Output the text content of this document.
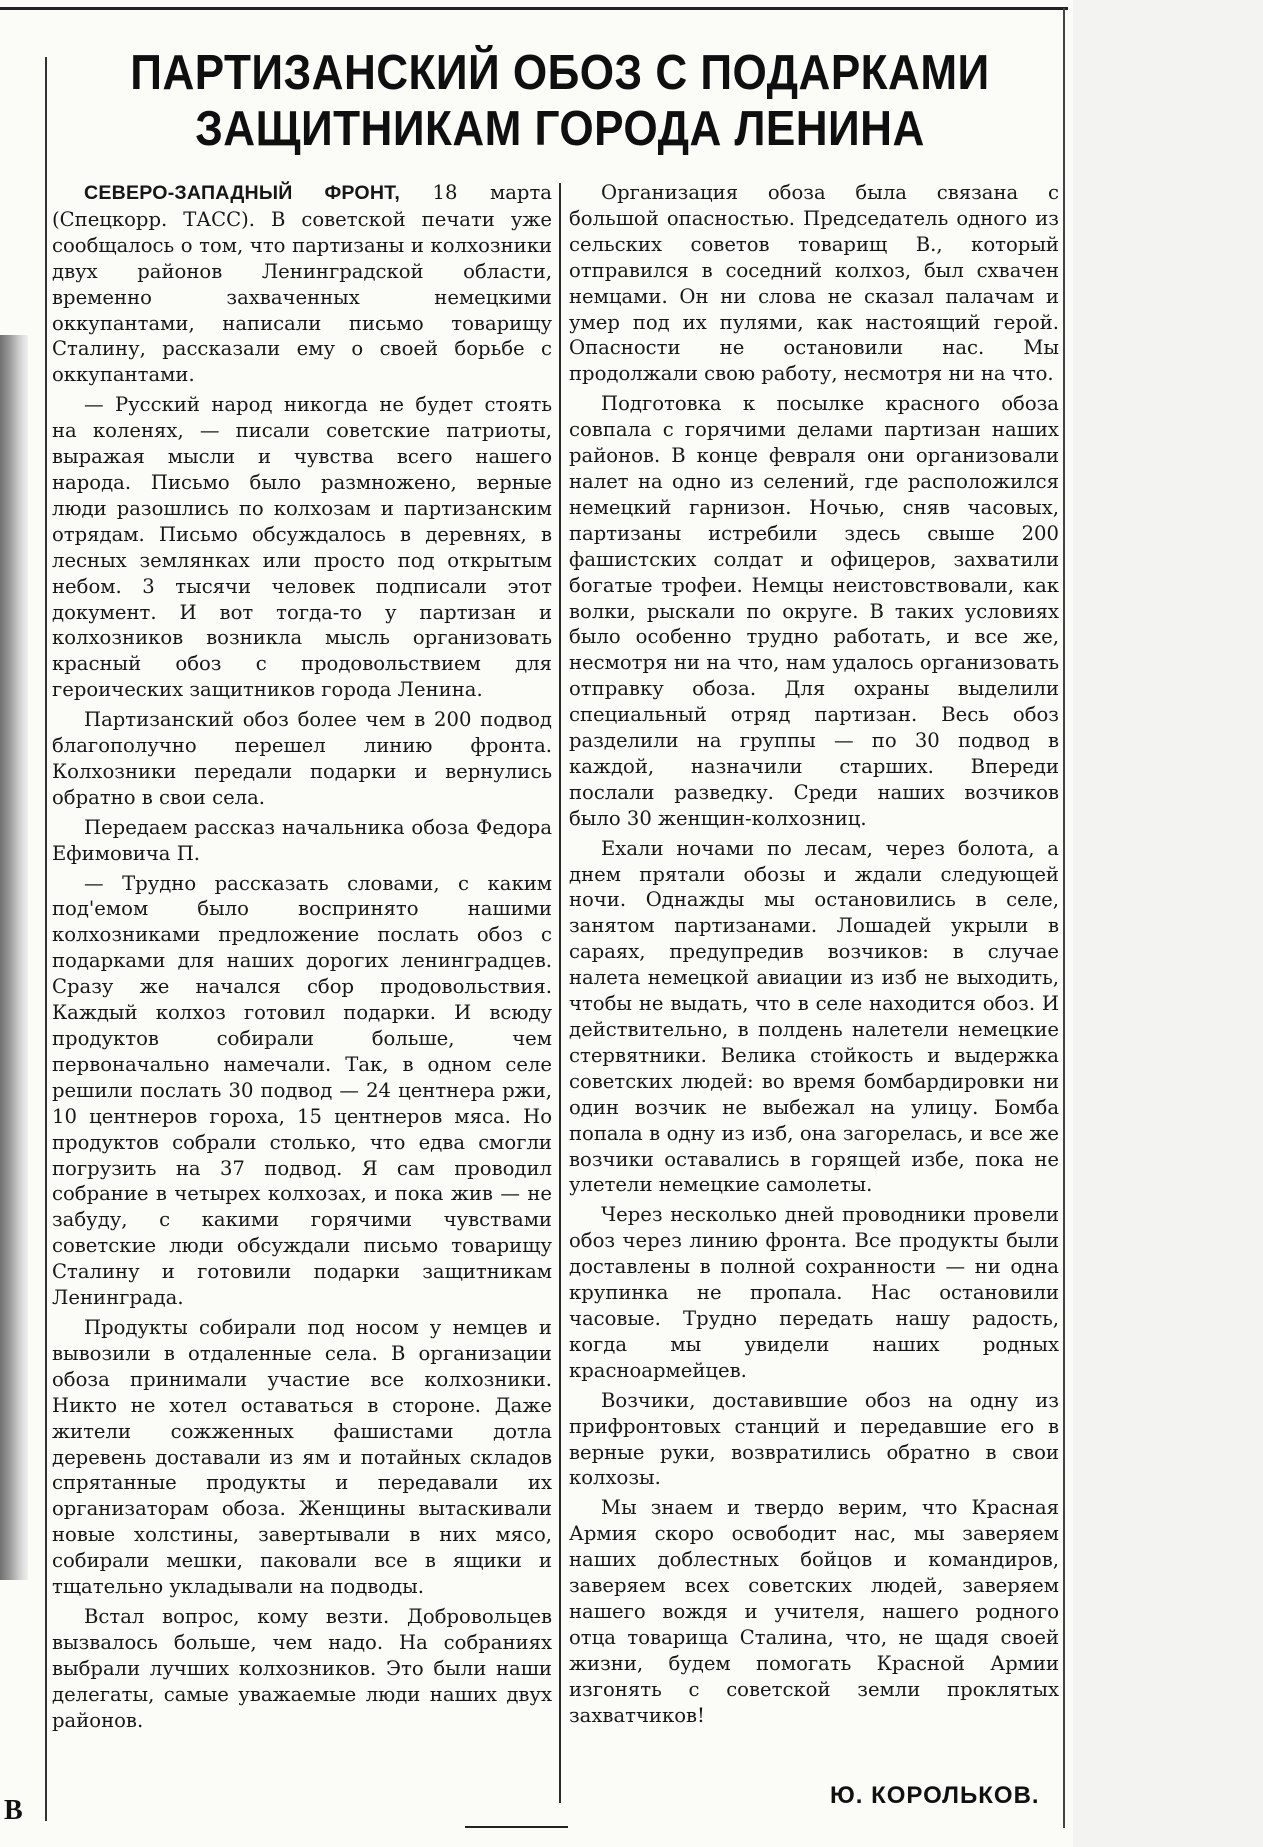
В
ПАРТИЗАНСКИЙ ОБОЗ С ПОДАРКАМИ
ЗАЩИТНИКАМ ГОРОДА ЛЕНИНА

СЕВЕРО-ЗАПАДНЫЙ ФРОНТ, 18 марта (Спецкорр. ТАСС). В советской печати уже сообщалось о том, что партизаны и колхозники двух районов Ленинградской области, временно захваченных немецкими оккупантами, написали письмо товарищу Сталину, рассказали ему о своей борьбе с оккупантами.

— Русский народ никогда не будет стоять на коленях, — писали советские патриоты, выражая мысли и чувства всего нашего народа. Письмо было размножено, верные люди разошлись по колхозам и партизанским отрядам. Письмо обсуждалось в деревнях, в лесных землянках или просто под открытым небом. 3 тысячи человек подписали этот документ. И вот тогда-то у партизан и колхозников возникла мысль организовать красный обоз с продовольствием для героических защитников города Ленина.

Партизанский обоз более чем в 200 подвод благополучно перешел линию фронта. Колхозники передали подарки и вернулись обратно в свои села.

Передаем рассказ начальника обоза Федора Ефимовича П.

— Трудно рассказать словами, с каким под'емом было воспринято нашими колхозниками предложение послать обоз с подарками для наших дорогих ленинградцев. Сразу же начался сбор продовольствия. Каждый колхоз готовил подарки. И всюду продуктов собирали больше, чем первоначально намечали. Так, в одном селе решили послать 30 подвод — 24 центнера ржи, 10 центнеров гороха, 15 центнеров мяса. Но продуктов собрали столько, что едва смогли погрузить на 37 подвод. Я сам проводил собрание в четырех колхозах, и пока жив — не забуду, с какими горячими чувствами советские люди обсуждали письмо товарищу Сталину и готовили подарки защитникам Ленинграда.

Продукты собирали под носом у немцев и вывозили в отдаленные села. В организации обоза принимали участие все колхозники. Никто не хотел оставаться в стороне. Даже жители сожженных фашистами дотла деревень доставали из ям и потайных складов спрятанные продукты и передавали их организаторам обоза. Женщины вытаскивали новые холстины, завертывали в них мясо, собирали мешки, паковали все в ящики и тщательно укладывали на подводы.

Встал вопрос, кому везти. Добровольцев вызвалось больше, чем надо. На собраниях выбрали лучших колхозников. Это были наши делегаты, самые уважаемые люди наших двух районов.

Организация обоза была связана с большой опасностью. Председатель одного из сельских советов товарищ В., который отправился в соседний колхоз, был схвачен немцами. Он ни слова не сказал палачам и умер под их пулями, как настоящий герой. Опасности не остановили нас. Мы продолжали свою работу, несмотря ни на что.

Подготовка к посылке красного обоза совпала с горячими делами партизан наших районов. В конце февраля они организовали налет на одно из селений, где расположился немецкий гарнизон. Ночью, сняв часовых, партизаны истребили здесь свыше 200 фашистских солдат и офицеров, захватили богатые трофеи. Немцы неистовствовали, как волки, рыскали по округе. В таких условиях было особенно трудно работать, и все же, несмотря ни на что, нам удалось организовать отправку обоза. Для охраны выделили специальный отряд партизан. Весь обоз разделили на группы — по 30 подвод в каждой, назначили старших. Впереди послали разведку. Среди наших возчиков было 30 женщин-колхозниц.

Ехали ночами по лесам, через болота, а днем прятали обозы и ждали следующей ночи. Однажды мы остановились в селе, занятом партизанами. Лошадей укрыли в сараях, предупредив возчиков: в случае налета немецкой авиации из изб не выходить, чтобы не выдать, что в селе находится обоз. И действительно, в полдень налетели немецкие стервятники. Велика стойкость и выдержка советских людей: во время бомбардировки ни один возчик не выбежал на улицу. Бомба попала в одну из изб, она загорелась, и все же возчики оставались в горящей избе, пока не улетели немецкие самолеты.

Через несколько дней проводники провели обоз через линию фронта. Все продукты были доставлены в полной сохранности — ни одна крупинка не пропала. Нас остановили часовые. Трудно передать нашу радость, когда мы увидели наших родных красноармейцев.

Возчики, доставившие обоз на одну из прифронтовых станций и передавшие его в верные руки, возвратились обратно в свои колхозы.

Мы знаем и твердо верим, что Красная Армия скоро освободит нас, мы заверяем наших доблестных бойцов и командиров, заверяем всех советских людей, заверяем нашего вождя и учителя, нашего родного отца товарища Сталина, что, не щадя своей жизни, будем помогать Красной Армии изгонять с советской земли проклятых захватчиков!

Ю. КОРОЛЬКОВ.
